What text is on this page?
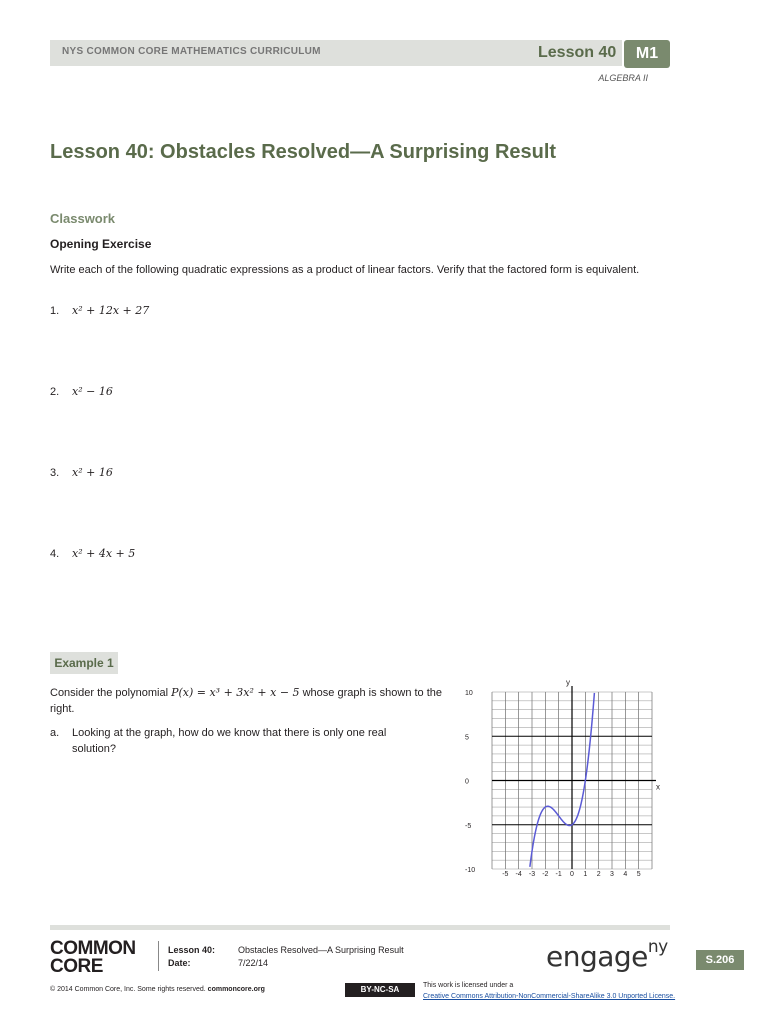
NYS COMMON CORE MATHEMATICS CURRICULUM	Lesson 40	M1
ALGEBRA II
Lesson 40: Obstacles Resolved—A Surprising Result
Classwork
Opening Exercise
Write each of the following quadratic expressions as a product of linear factors. Verify that the factored form is equivalent.
1. x² + 12x + 27
2. x² − 16
3. x² + 16
4. x² + 4x + 5
Example 1
Consider the polynomial P(x) = x³ + 3x² + x − 5 whose graph is shown to the right.
a. Looking at the graph, how do we know that there is only one real solution?
-5 -4 -3 -2 -1 0 1 2 3 4 5
10
5
0
-5
-10
x
y
COMMON
CORE
Lesson 40:
Date:
Obstacles Resolved—A Surprising Result
7/22/14	engage$^{ny}$
S.206
© 2014 Common Core, Inc. Some rights reserved. commoncore.org	BY-NC-SA	This work is licensed under a
Creative Commons Attribution-NonCommercial-ShareAlike 3.0 Unported License.
